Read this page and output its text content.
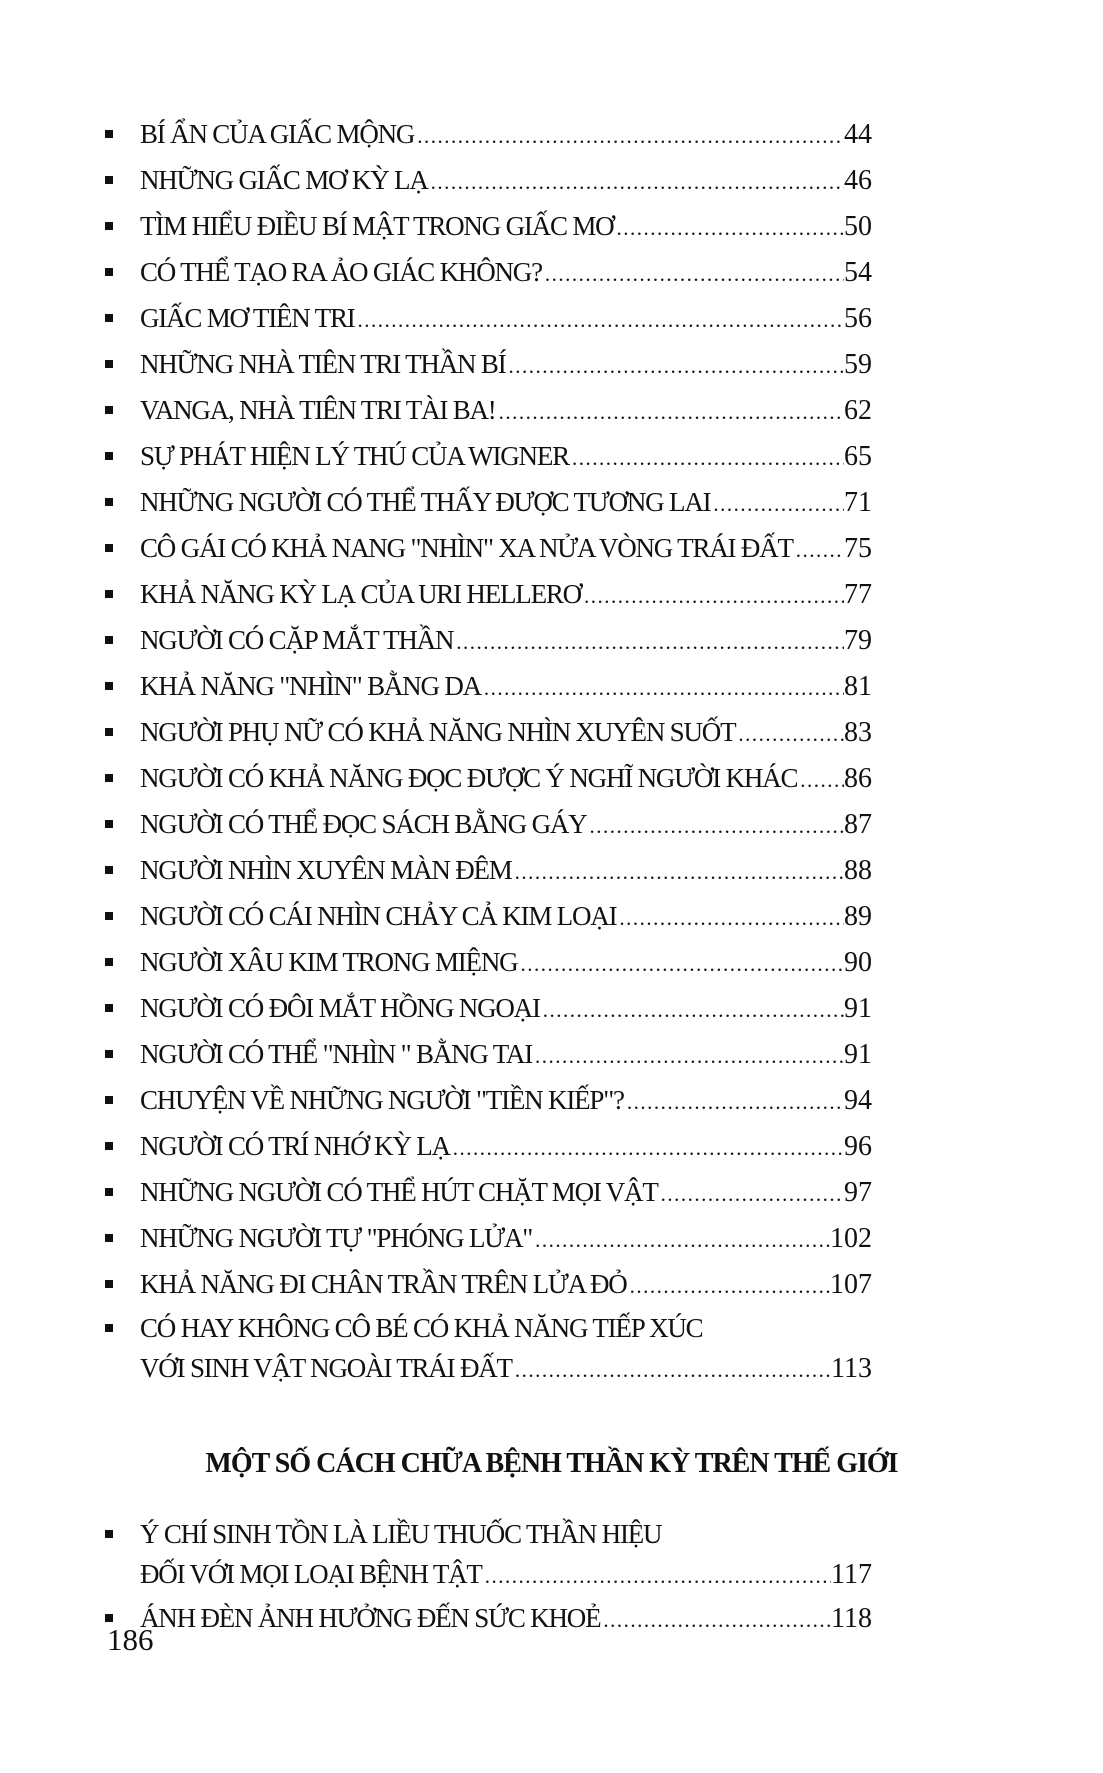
BÍ ẨN CỦA GIẤC MỘNG .....	44
NHỮNG GIẤC MƠ KỲ LẠ .....	46
TÌM HIỂU ĐIỀU BÍ MẬT TRONG GIẤC MƠ .....	50
CÓ THỂ TẠO RA ẢO GIÁC KHÔNG? .....	54
GIẤC MƠ TIÊN TRI .....	56
NHỮNG NHÀ TIÊN TRI THẦN BÍ .....	59
VANGA, NHÀ TIÊN TRI TÀI BA! .....	62
SỰ PHÁT HIỆN LÝ THÚ CỦA WIGNER .....	65
NHỮNG NGƯỜI CÓ THỂ THẤY ĐƯỢC TƯƠNG LAI .....	71
CÔ GÁI CÓ KHẢ NANG "NHÌN" XA NỬA VÒNG TRÁI ĐẤT ..... 75
KHẢ NĂNG KỲ LẠ CỦA URI HELLERƠ .....	77
NGƯỜI CÓ CẶP MẮT THẦN .....	79
KHẢ NĂNG "NHÌN" BẰNG DA .....	81
NGƯỜI PHỤ NỮ CÓ KHẢ NĂNG NHÌN XUYÊN SUỐT .....	83
NGƯỜI CÓ KHẢ NĂNG ĐỌC ĐƯỢC Ý NGHĨ NGƯỜI KHÁC ..... 86
NGƯỜI CÓ THỂ ĐỌC SÁCH BẰNG GÁY .....	87
NGƯỜI NHÌN XUYÊN MÀN ĐÊM .....	88
NGƯỜI CÓ CÁI NHÌN CHẢY CẢ KIM LOẠI .....	89
NGƯỜI XÂU KIM TRONG MIỆNG .....	90
NGƯỜI CÓ ĐÔI MẮT HỒNG NGOẠI .....	91
NGƯỜI CÓ THỂ "NHÌN " BẰNG TAI .....	91
CHUYỆN VỀ NHỮNG NGƯỜI "TIỀN KIẾP"? .....	94
NGƯỜI CÓ TRÍ NHỚ KỲ LẠ .....	96
NHỮNG NGƯỜI CÓ THỂ HÚT CHẶT MỌI VẬT .....	97
NHỮNG NGƯỜI TỰ "PHÓNG LỬA" .....	102
KHẢ NĂNG ĐI CHÂN TRẦN TRÊN LỬA ĐỎ .....	107
CÓ HAY KHÔNG CÔ BÉ CÓ KHẢ NĂNG TIẾP XÚC
VỚI SINH VẬT NGOÀI TRÁI ĐẤT .....	113
MỘT SỐ CÁCH CHỮA BỆNH THẦN KỲ TRÊN THẾ GIỚI
Ý CHÍ SINH TỒN LÀ LIỀU THUỐC THẦN HIỆU
ĐỐI VỚI MỌI LOẠI BỆNH TẬT .....	117
ÁNH ĐÈN ẢNH HƯỞNG ĐẾN SỨC KHOẺ .....	118
186
